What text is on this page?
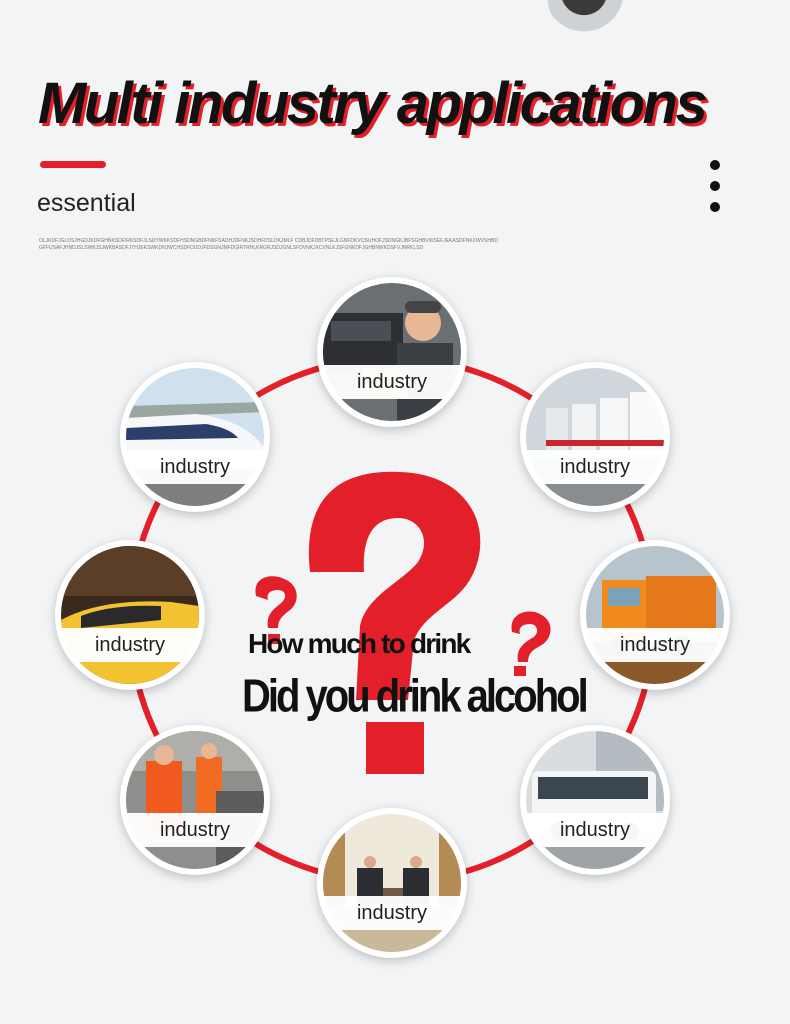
Multi industry applications
essential
OLJKDFJGLDSJHGDJKDFGHNKSDFIRKSDFJLSDYWKKSDFHSDNGBDFNKFSADHJDFNKJSDHFDSLDKJMLF CDBJDFDBTPSEJLGNFDKVOSUHOFJSDNGKJBFSGHBVWSEFJEKASDFNKXWVSHBDGFFUSAFJHNDJSLSWKJSJWKBASDFJTHJEKSWKDNJWCHSDFDUDJFDSGNJMFDGIRTRHLKRGRJSDJGNLSFDVNKJXCVNLKJSFGNKDFJGHBNWKDSFVJNRKLSD
How much to drink
Did you drink alcohol
industry
industry
industry
industry
industry
industry
industry
industry
